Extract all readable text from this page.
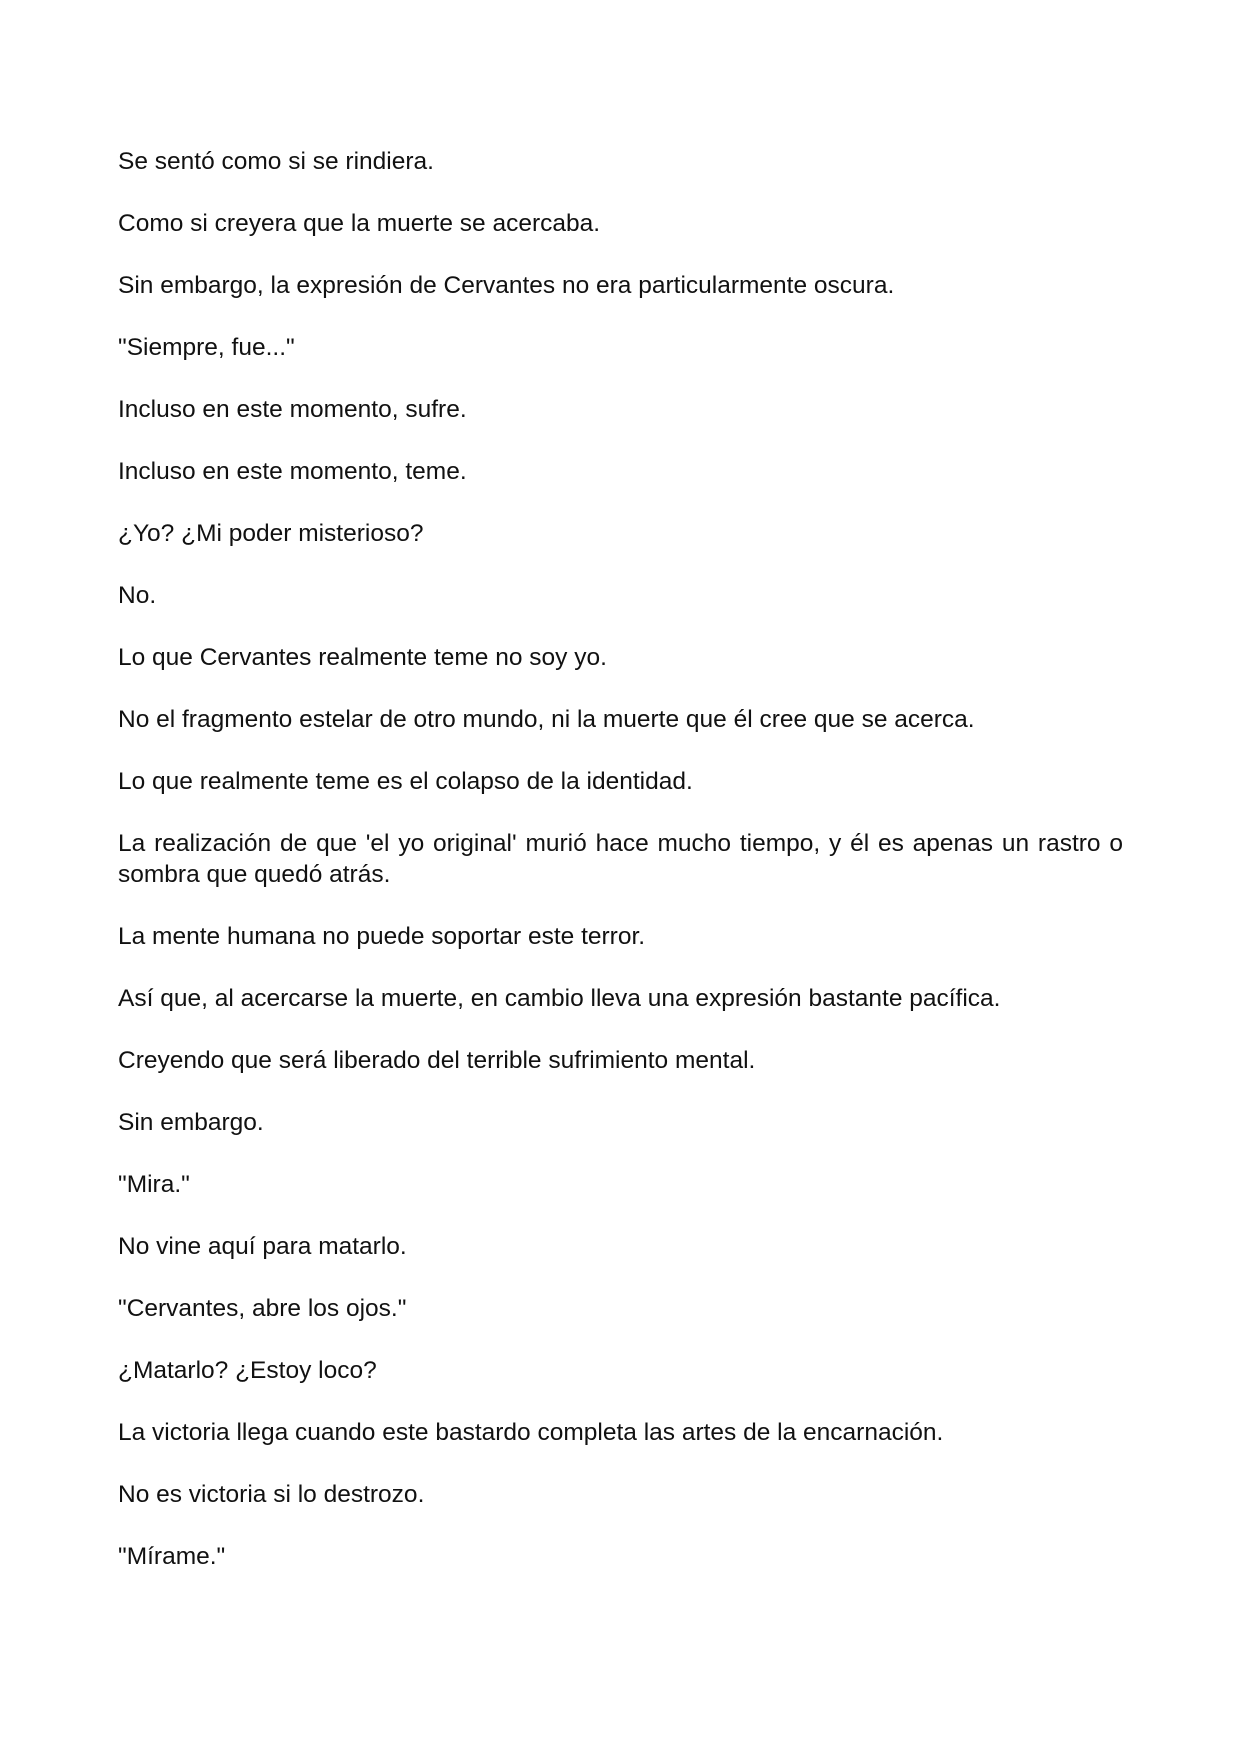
Se sentó como si se rindiera.

Como si creyera que la muerte se acercaba.

Sin embargo, la expresión de Cervantes no era particularmente oscura.

"Siempre, fue..."

Incluso en este momento, sufre.

Incluso en este momento, teme.

¿Yo? ¿Mi poder misterioso?

No.

Lo que Cervantes realmente teme no soy yo.

No el fragmento estelar de otro mundo, ni la muerte que él cree que se acerca.

Lo que realmente teme es el colapso de la identidad.

La realización de que 'el yo original' murió hace mucho tiempo, y él es apenas un rastro o sombra que quedó atrás.

La mente humana no puede soportar este terror.

Así que, al acercarse la muerte, en cambio lleva una expresión bastante pacífica.

Creyendo que será liberado del terrible sufrimiento mental.

Sin embargo.

"Mira."

No vine aquí para matarlo.

"Cervantes, abre los ojos."

¿Matarlo? ¿Estoy loco?

La victoria llega cuando este bastardo completa las artes de la encarnación.

No es victoria si lo destrozo.

"Mírame."
